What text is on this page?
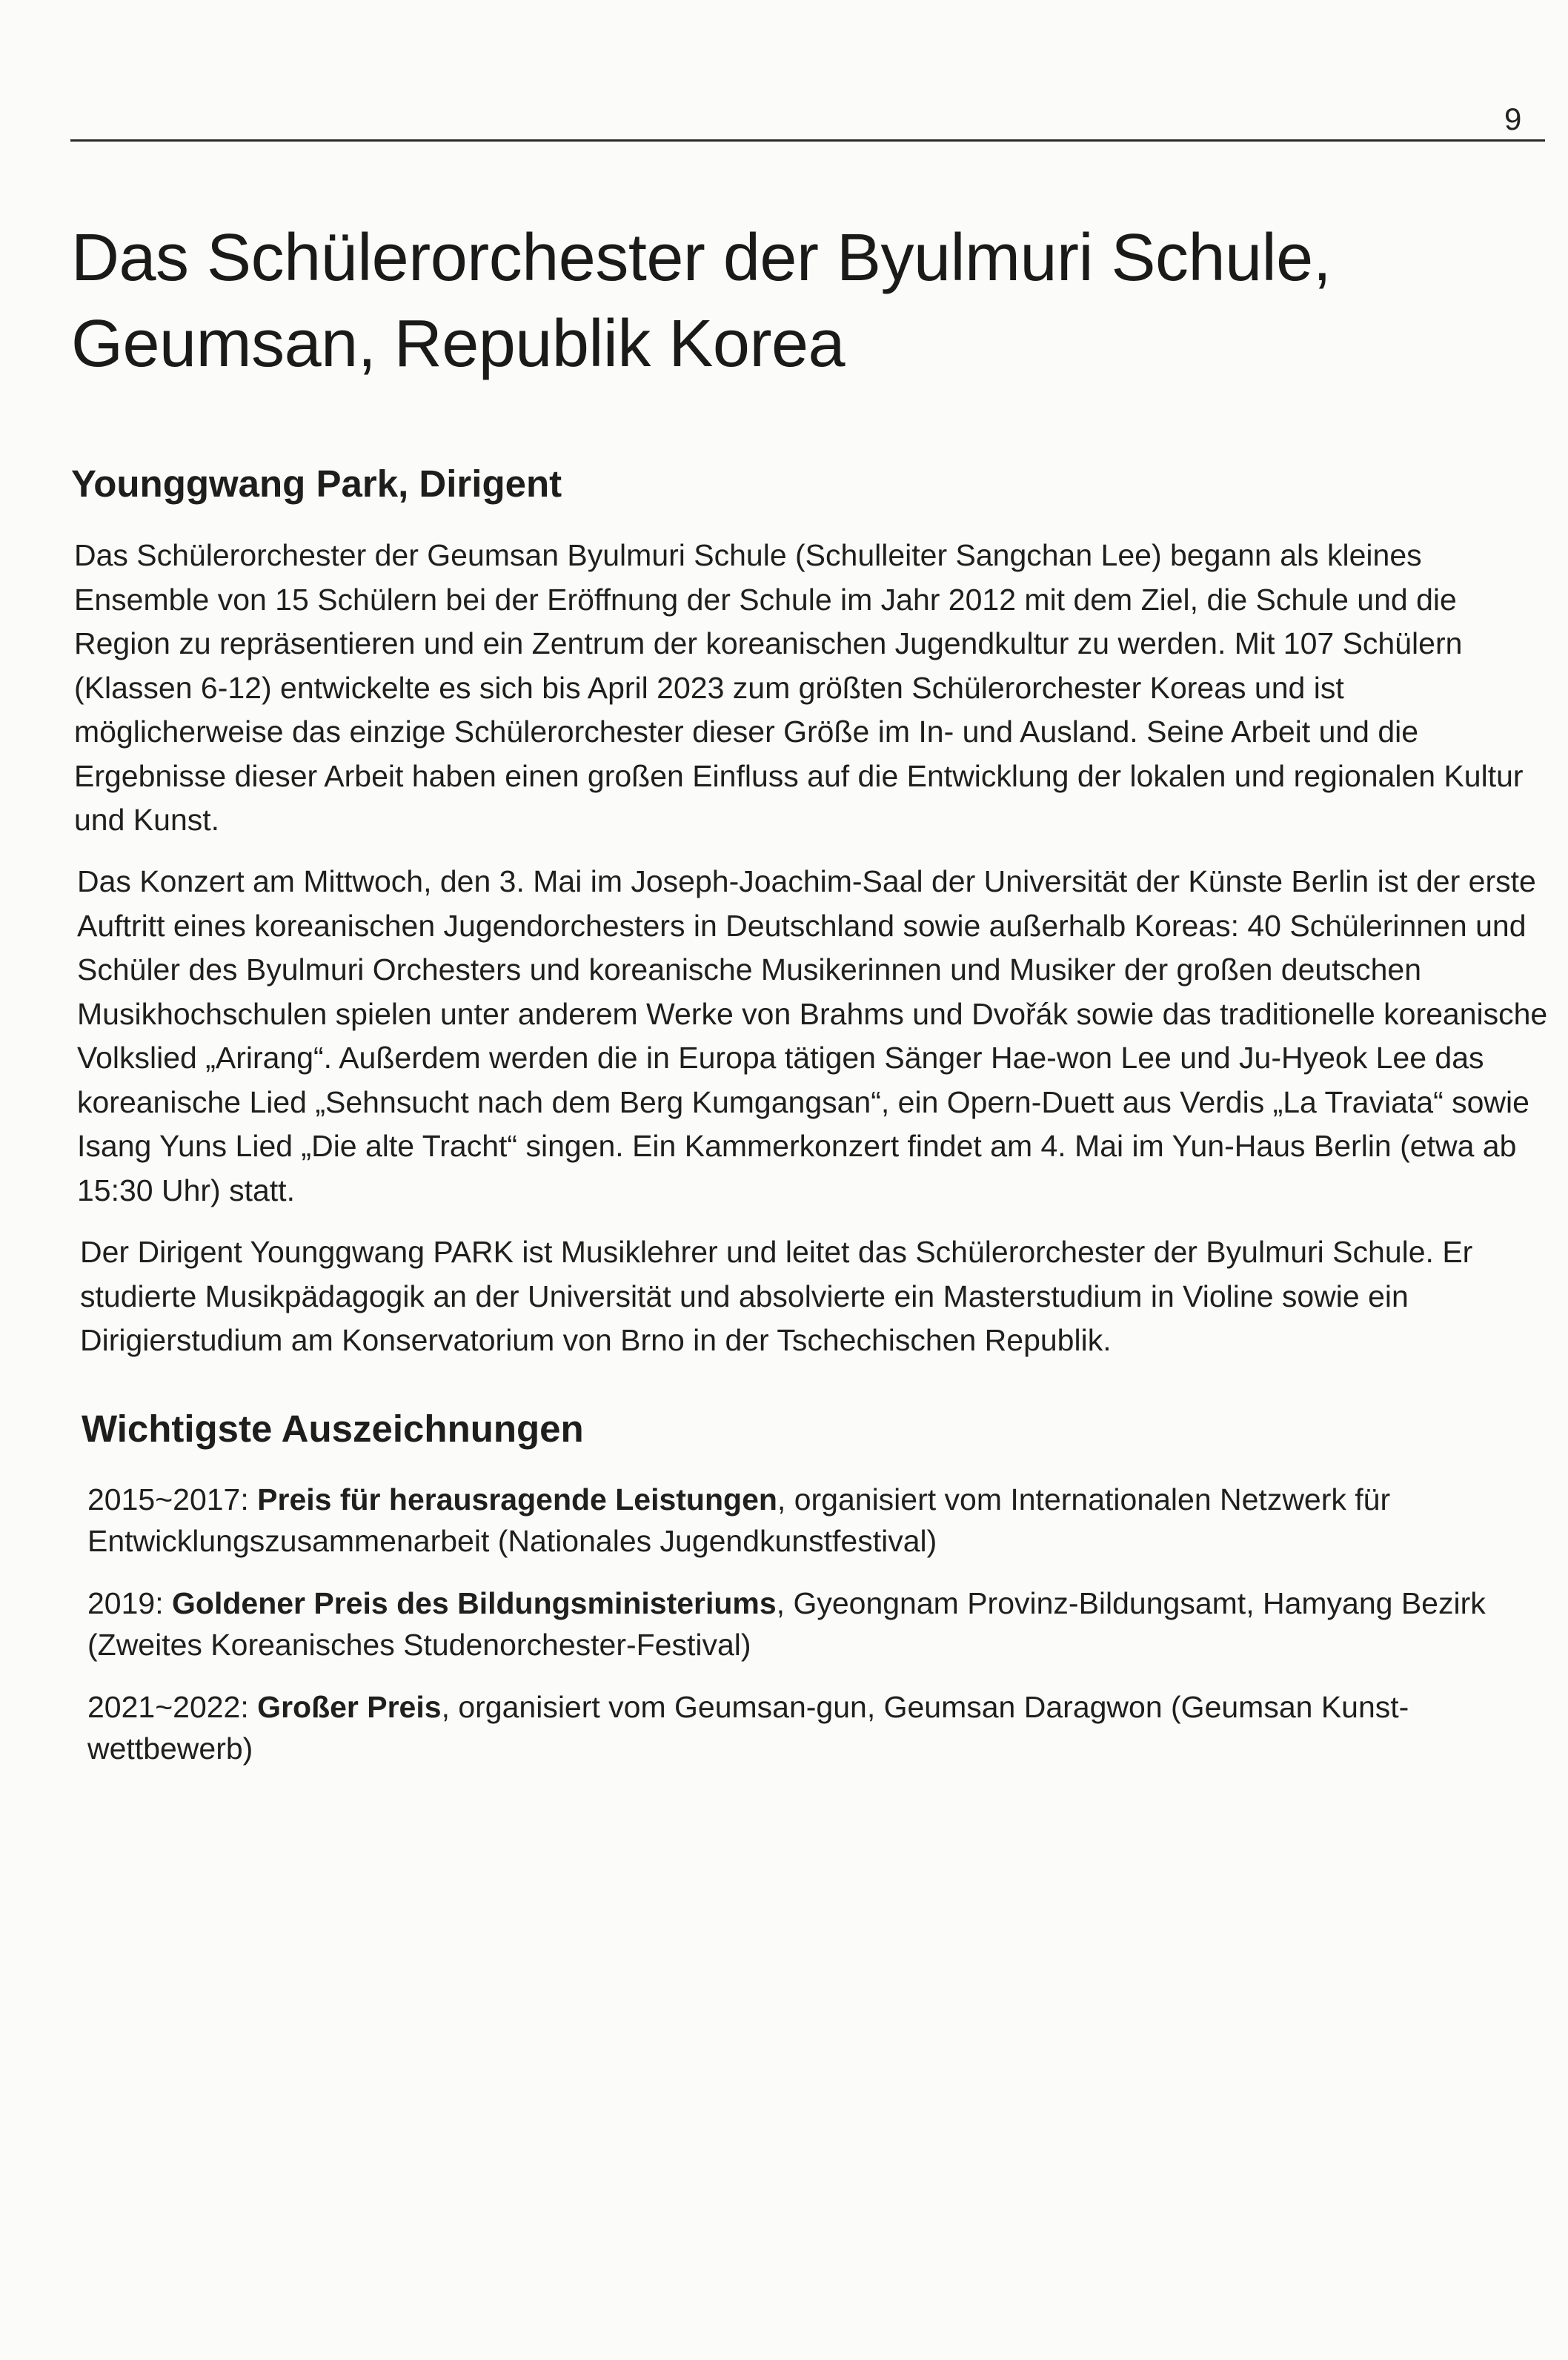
9
Das Schülerorchester der Byulmuri Schule, Geumsan, Republik Korea
Younggwang Park, Dirigent

Das Schülerorchester der Geumsan Byulmuri Schule (Schulleiter Sangchan Lee) begann als kleines Ensemble von 15 Schülern bei der Eröffnung der Schule im Jahr 2012 mit dem Ziel, die Schule und die Region zu repräsentieren und ein Zentrum der koreanischen Jugendkultur zu werden. Mit 107 Schülern (Klassen 6-12) entwickelte es sich bis April 2023 zum größten Schülerorchester Koreas und ist möglicherweise das einzige Schülerorchester dieser Größe im In- und Ausland. Seine Arbeit und die Ergebnisse dieser Arbeit haben einen großen Einfluss auf die Entwicklung der lokalen und regionalen Kultur und Kunst.

Das Konzert am Mittwoch, den 3. Mai im Joseph-Joachim-Saal der Universität der Künste Berlin ist der erste Auftritt eines koreanischen Jugendorchesters in Deutschland sowie außerhalb Koreas: 40 Schülerinnen und Schüler des Byulmuri Orchesters und koreanische Musikerinnen und Musiker der großen deutschen Musikhochschulen spielen unter anderem Werke von Brahms und Dvořák sowie das traditionelle koreanische Volkslied „Arirang“. Außerdem werden die in Europa tätigen Sänger Hae-won Lee und Ju-Hyeok Lee das koreanische Lied „Sehnsucht nach dem Berg Kumgangsan“, ein Opern-Duett aus Verdis „La Traviata“ sowie Isang Yuns Lied „Die alte Tracht“ singen. Ein Kammerkonzert findet am 4. Mai im Yun-Haus Berlin (etwa ab 15:30 Uhr) statt.

Der Dirigent Younggwang PARK ist Musiklehrer und leitet das Schülerorchester der Byulmuri Schule. Er studierte Musikpädagogik an der Universität und absolvierte ein Masterstudium in Violine sowie ein Dirigierstudium am Konservatorium von Brno in der Tschechischen Republik.

Wichtigste Auszeichnungen

2015~2017: Preis für herausragende Leistungen, organisiert vom Internationalen Netzwerk für Entwicklungszusammenarbeit (Nationales Jugendkunstfestival)

2019: Goldener Preis des Bildungsministeriums, Gyeongnam Provinz-Bildungsamt, Hamyang Bezirk (Zweites Koreanisches Studenorchester-Festival)

2021~2022: Großer Preis, organisiert vom Geumsan-gun, Geumsan Daragwon (Geumsan Kunstwettbewerb)
